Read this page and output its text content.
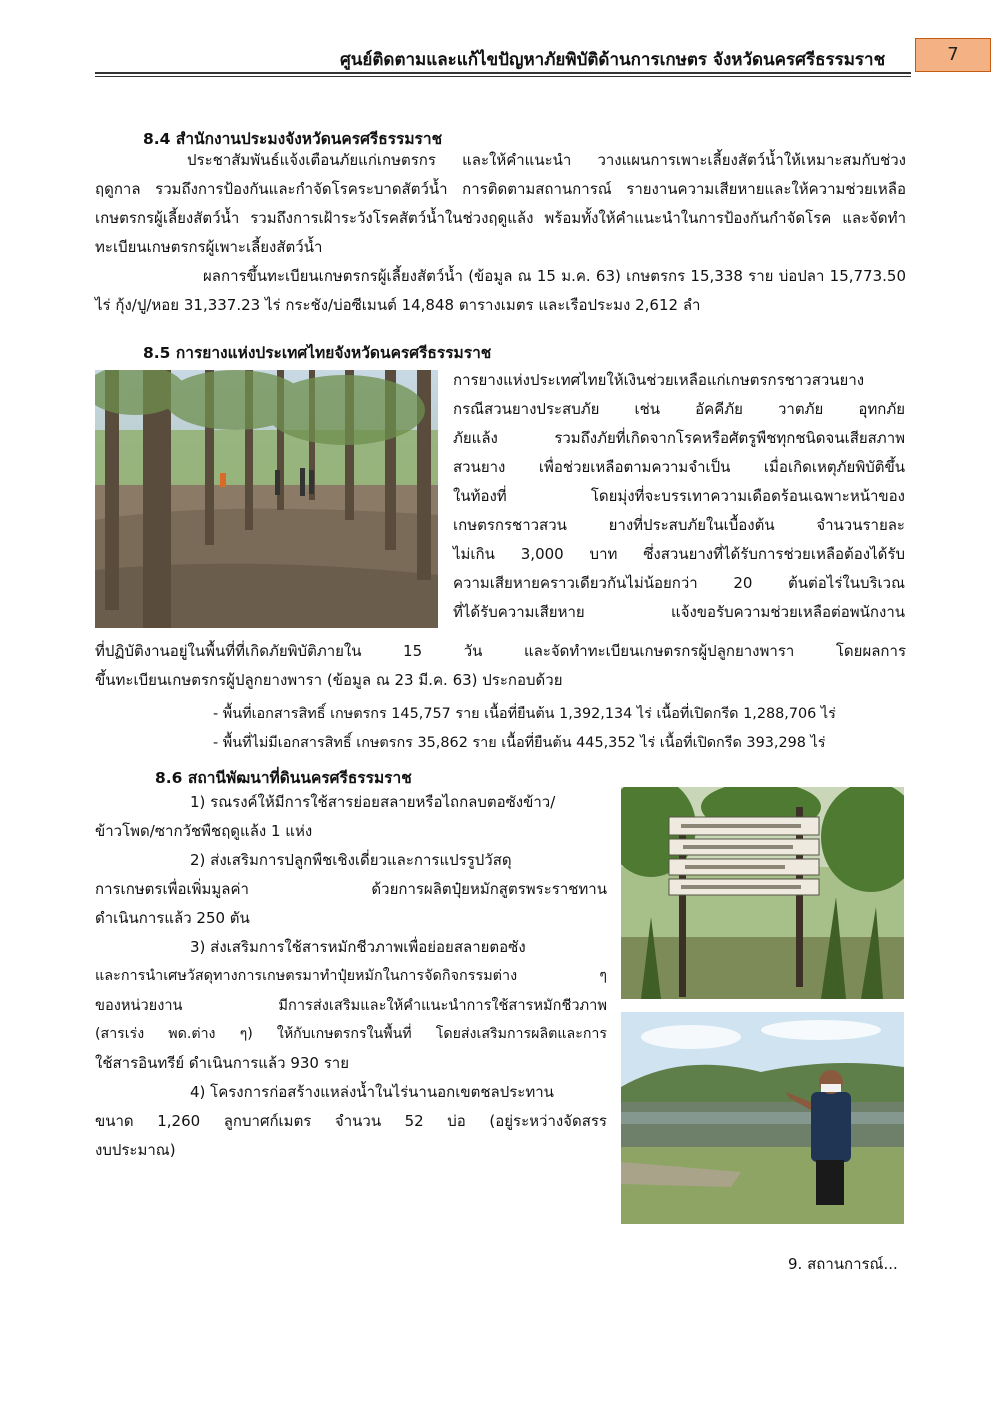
ศูนย์ติดตามและแก้ไขปัญหาภัยพิบัติด้านการเกษตร จังหวัดนครศรีธรรมราช	7
8.4 สำนักงานประมงจังหวัดนครศรีธรรมราช
ประชาสัมพันธ์แจ้งเตือนภัยแก่เกษตรกร และให้คำแนะนำ วางแผนการเพาะเลี้ยงสัตว์น้ำให้เหมาะสมกับช่วงฤดูกาล รวมถึงการป้องกันและกำจัดโรคระบาดสัตว์น้ำ การติดตามสถานการณ์ รายงานความเสียหายและให้ความช่วยเหลือเกษตรกรผู้เลี้ยงสัตว์น้ำ รวมถึงการเฝ้าระวังโรคสัตว์น้ำในช่วงฤดูแล้ง พร้อมทั้งให้คำแนะนำในการป้องกันกำจัดโรค และจัดทำทะเบียนเกษตรกรผู้เพาะเลี้ยงสัตว์น้ำ
ผลการขึ้นทะเบียนเกษตรกรผู้เลี้ยงสัตว์น้ำ (ข้อมูล ณ 15 ม.ค. 63) เกษตรกร 15,338 ราย บ่อปลา 15,773.50 ไร่ กุ้ง/ปู/หอย 31,337.23 ไร่ กระชัง/บ่อซีเมนต์ 14,848 ตารางเมตร และเรือประมง 2,612 ลำ
8.5 การยางแห่งประเทศไทยจังหวัดนครศรีธรรมราช
การยางแห่งประเทศไทยให้เงินช่วยเหลือแก่เกษตรกรชาวสวนยาง
กรณีสวนยางประสบภัย เช่น อัคคีภัย วาตภัย อุทกภัย
ภัยแล้ง รวมถึงภัยที่เกิดจากโรคหรือศัตรูพืชทุกชนิดจนเสียสภาพ
สวนยาง เพื่อช่วยเหลือตามความจำเป็น เมื่อเกิดเหตุภัยพิบัติขึ้น
ในท้องที่ โดยมุ่งที่จะบรรเทาความเดือดร้อนเฉพาะหน้าของ
เกษตรกรชาวสวน ยางที่ประสบภัยในเบื้องต้น จำนวนรายละ
ไม่เกิน 3,000 บาท ซึ่งสวนยางที่ได้รับการช่วยเหลือต้องได้รับ
ความเสียหายคราวเดียวกันไม่น้อยกว่า 20 ต้นต่อไร่ในบริเวณ
ที่ได้รับความเสียหาย แจ้งขอรับความช่วยเหลือต่อพนักงาน
ที่ปฏิบัติงานอยู่ในพื้นที่ที่เกิดภัยพิบัติภายใน 15 วัน และจัดทำทะเบียนเกษตรกรผู้ปลูกยางพารา โดยผลการ
ขึ้นทะเบียนเกษตรกรผู้ปลูกยางพารา (ข้อมูล ณ 23 มี.ค. 63) ประกอบด้วย
- พื้นที่เอกสารสิทธิ์ เกษตรกร 145,757 ราย เนื้อที่ยืนต้น 1,392,134 ไร่ เนื้อที่เปิดกรีด 1,288,706 ไร่
- พื้นที่ไม่มีเอกสารสิทธิ์ เกษตรกร 35,862 ราย เนื้อที่ยืนต้น 445,352 ไร่ เนื้อที่เปิดกรีด 393,298 ไร่
8.6 สถานีพัฒนาที่ดินนครศรีธรรมราช
1) รณรงค์ให้มีการใช้สารย่อยสลายหรือไถกลบตอซังข้าว/
ข้าวโพด/ซากวัชพืชฤดูแล้ง 1 แห่ง
2) ส่งเสริมการปลูกพืชเชิงเดี่ยวและการแปรรูปวัสดุ
การเกษตรเพื่อเพิ่มมูลค่า ด้วยการผลิตปุ๋ยหมักสูตรพระราชทาน
ดำเนินการแล้ว 250 ตัน
3) ส่งเสริมการใช้สารหมักชีวภาพเพื่อย่อยสลายตอซัง
และการนำเศษวัสดุทางการเกษตรมาทำปุ๋ยหมักในการจัดกิจกรรมต่าง ๆ
ของหน่วยงาน มีการส่งเสริมและให้คำแนะนำการใช้สารหมักชีวภาพ
(สารเร่ง พด.ต่าง ๆ) ให้กับเกษตรกรในพื้นที่ โดยส่งเสริมการผลิตและการ
ใช้สารอินทรีย์ ดำเนินการแล้ว 930 ราย
4) โครงการก่อสร้างแหล่งน้ำในไร่นานอกเขตชลประทาน
ขนาด 1,260 ลูกบาศก์เมตร จำนวน 52 บ่อ (อยู่ระหว่างจัดสรร
งบประมาณ)
9. สถานการณ์...
